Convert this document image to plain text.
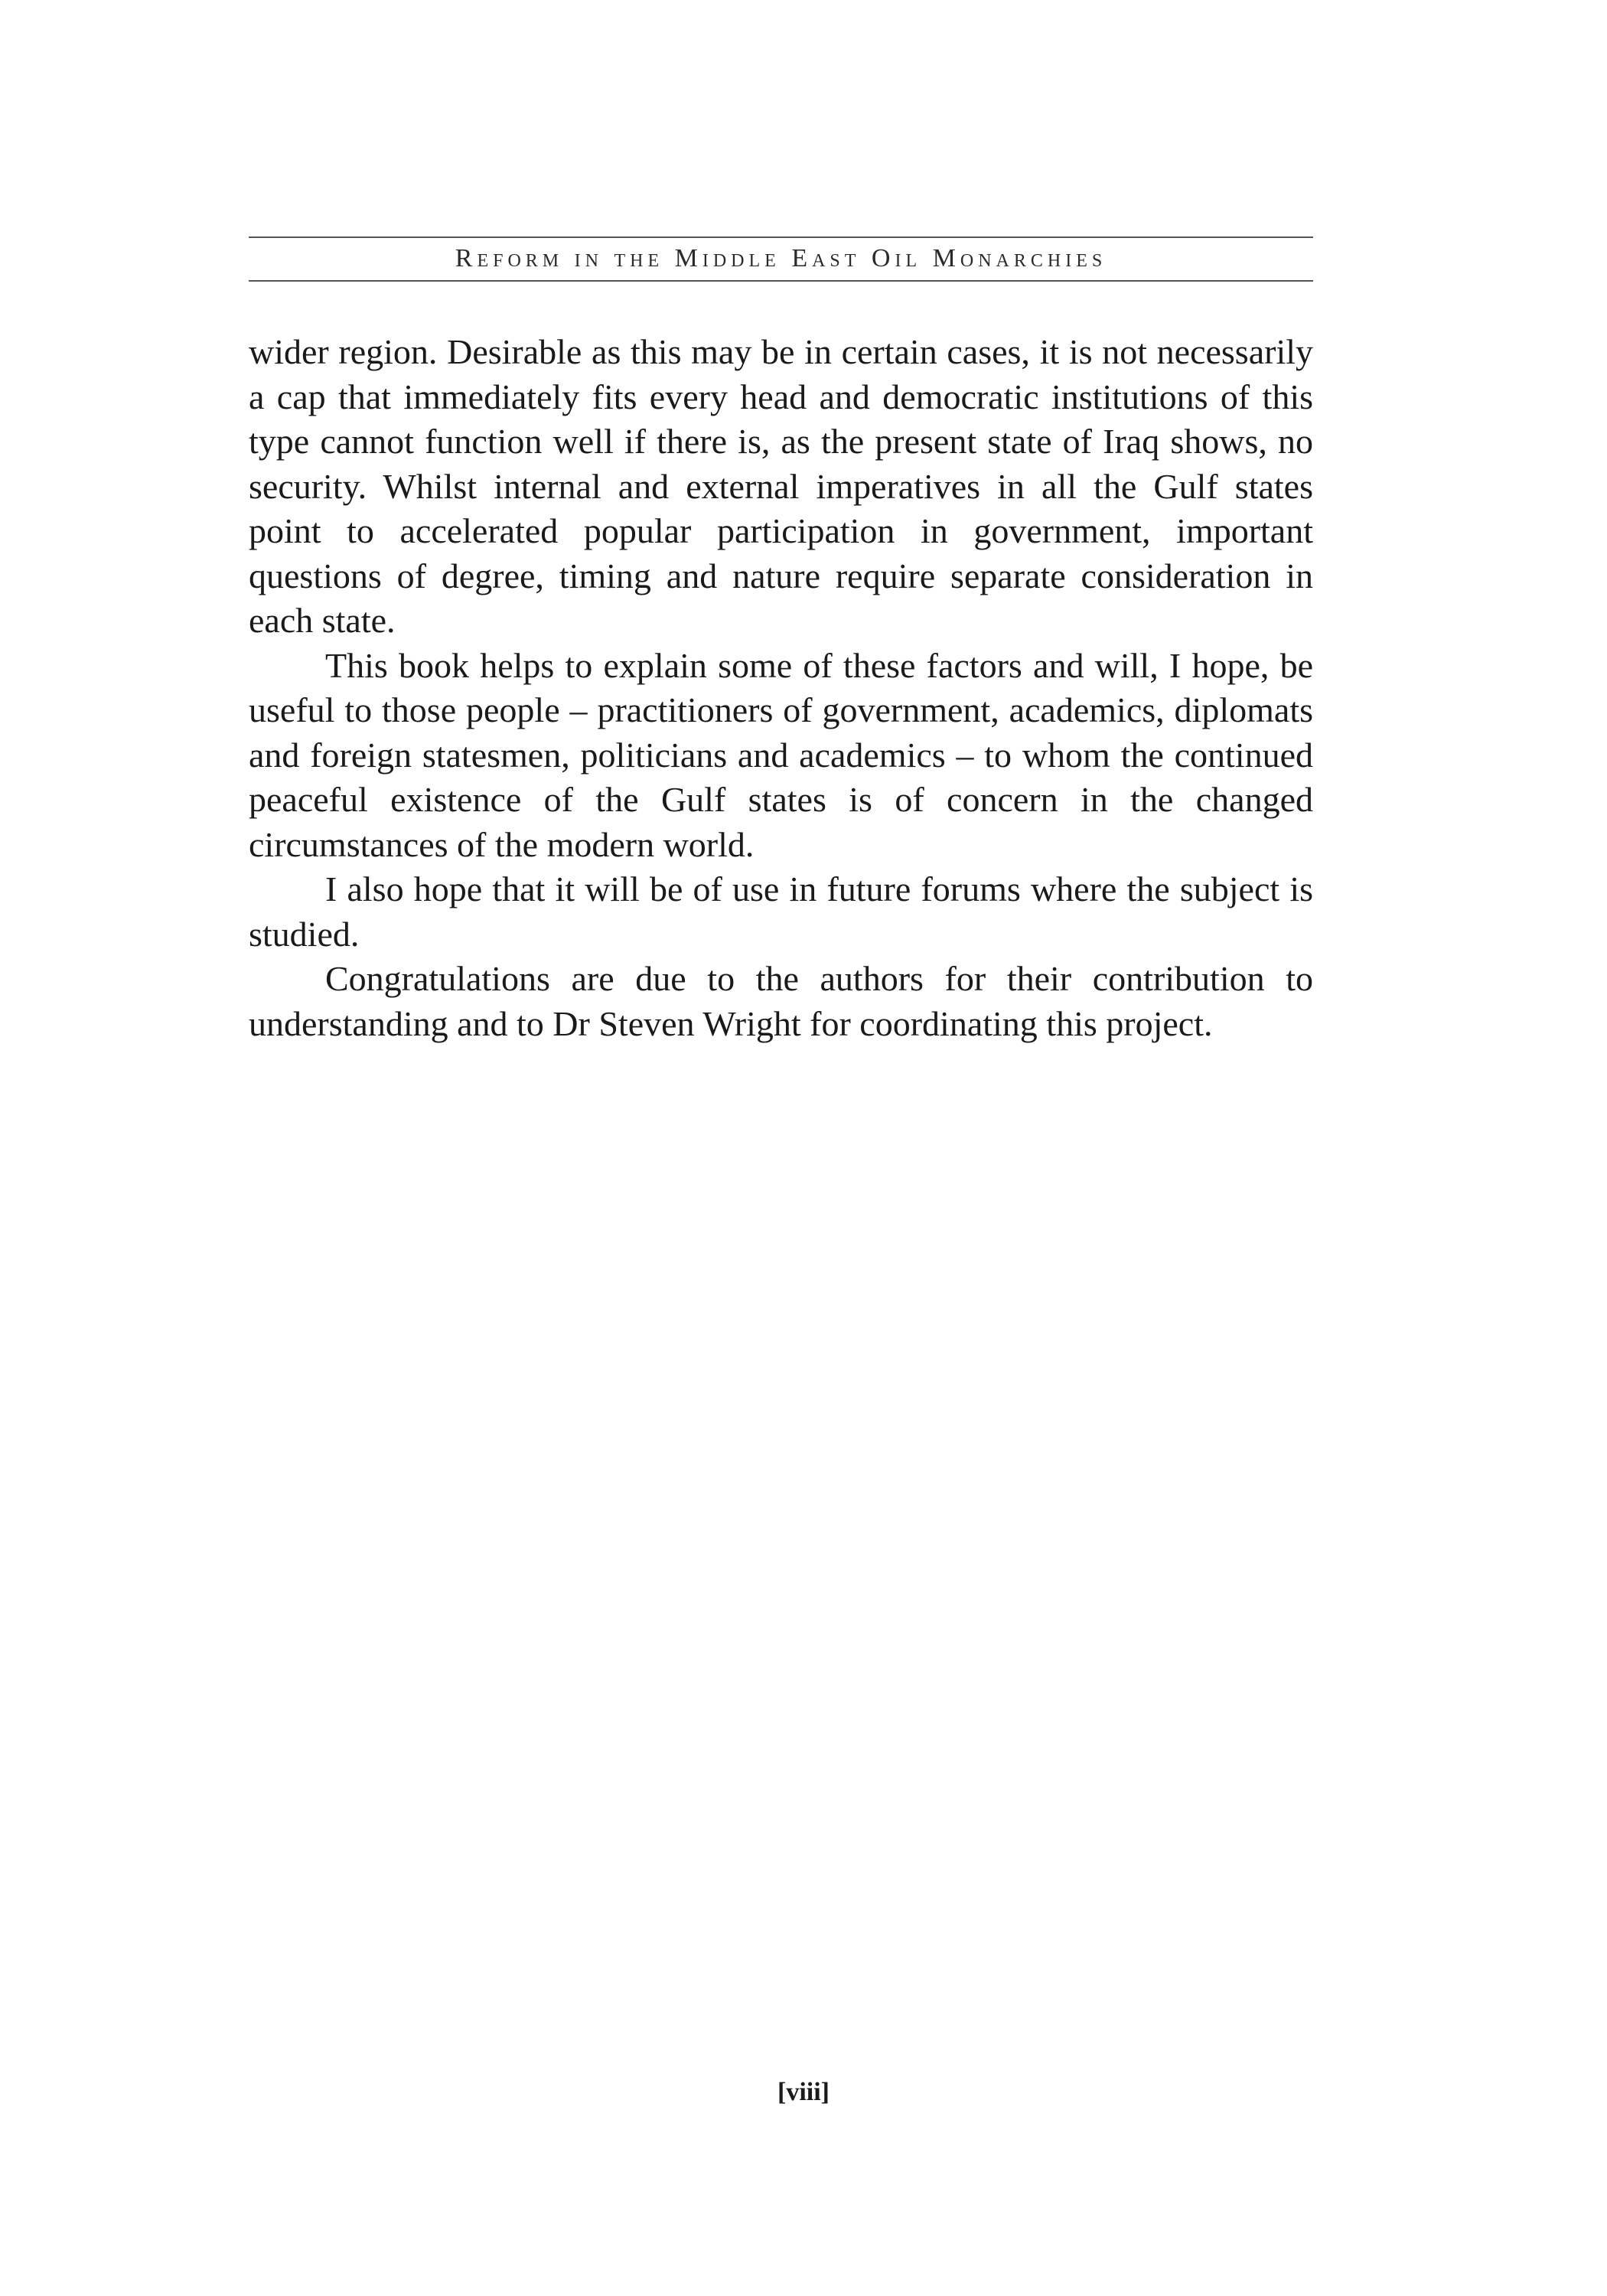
Reform in the Middle East Oil Monarchies

wider region. Desirable as this may be in certain cases, it is not necessarily a cap that immediately fits every head and democratic institutions of this type cannot function well if there is, as the present state of Iraq shows, no security. Whilst internal and external imperatives in all the Gulf states point to accelerated popular participation in government, important questions of degree, timing and nature require separate consideration in each state.

This book helps to explain some of these factors and will, I hope, be useful to those people – practitioners of government, academics, diplomats and foreign statesmen, politicians and academics – to whom the continued peaceful existence of the Gulf states is of concern in the changed circumstances of the modern world.

I also hope that it will be of use in future forums where the subject is studied.

Congratulations are due to the authors for their contribution to understanding and to Dr Steven Wright for coordinating this project.

[viii]
